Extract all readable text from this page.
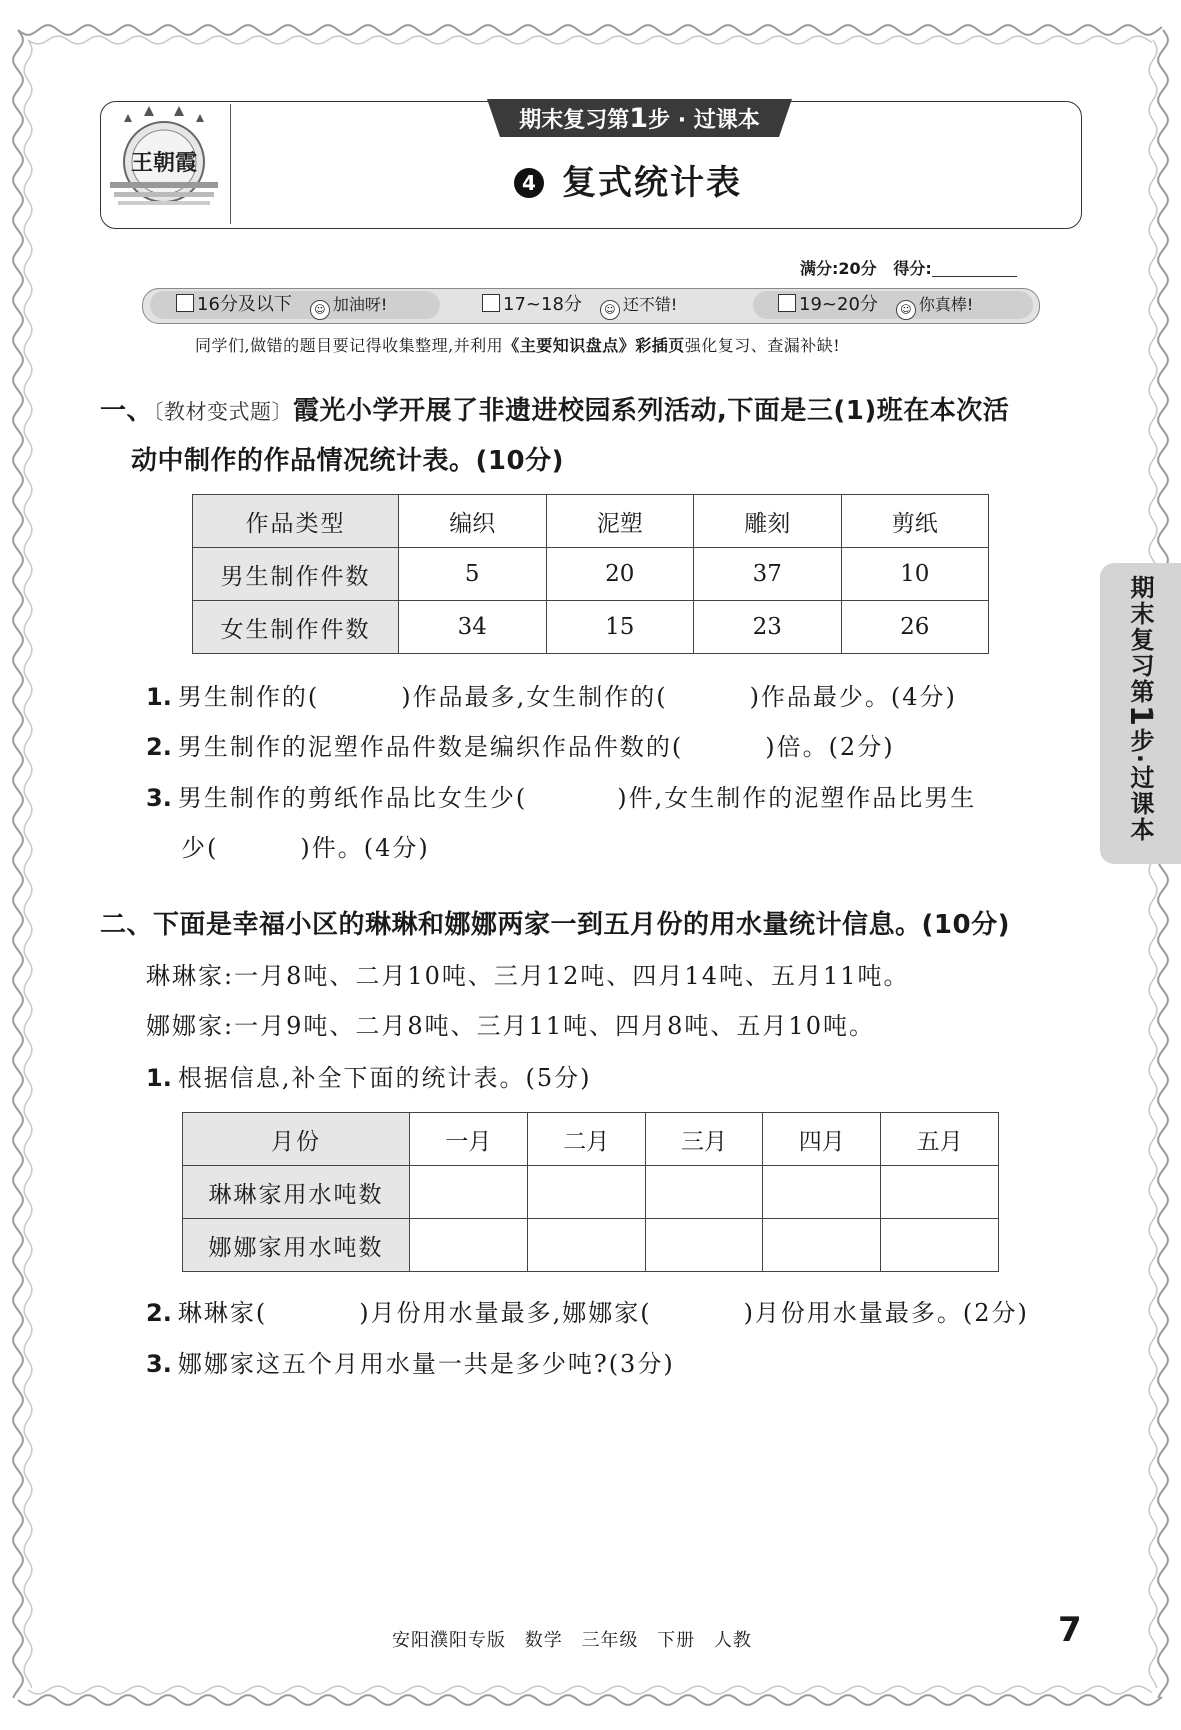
王朝霞
期末复习第1步 · 过课本
4 复式统计表
满分:20分 得分:
16分及以下 ☺ 加油呀!	17~18分 ☺ 还不错!	19~20分 ☺ 你真棒!
同学们,做错的题目要记得收集整理,并利用《主要知识盘点》彩插页强化复习、查漏补缺!
一、〔教材变式题〕霞光小学开展了非遗进校园系列活动,下面是三(1)班在本次活
动中制作的作品情况统计表。(10分)
作品类型	编织	泥塑	雕刻	剪纸
男生制作件数	5	20	37	10
女生制作件数	34	15	23	26
1. 男生制作的(	)作品最多,女生制作的(	)作品最少。(4分)
2. 男生制作的泥塑作品件数是编织作品件数的(	)倍。(2分)
3. 男生制作的剪纸作品比女生少(	)件,女生制作的泥塑作品比男生
少(	)件。(4分)
二、下面是幸福小区的琳琳和娜娜两家一到五月份的用水量统计信息。(10分)
琳琳家:一月8吨、二月10吨、三月12吨、四月14吨、五月11吨。
娜娜家:一月9吨、二月8吨、三月11吨、四月8吨、五月10吨。
1. 根据信息,补全下面的统计表。(5分)
月份	一月	二月	三月	四月	五月
琳琳家用水吨数					
娜娜家用水吨数					
2. 琳琳家(	)月份用水量最多,娜娜家(	)月份用水量最多。(2分)
3. 娜娜家这五个月用水量一共是多少吨?(3分)
期末复习第1步·过课本
安阳濮阳专版 数学 三年级 下册 人教	7
